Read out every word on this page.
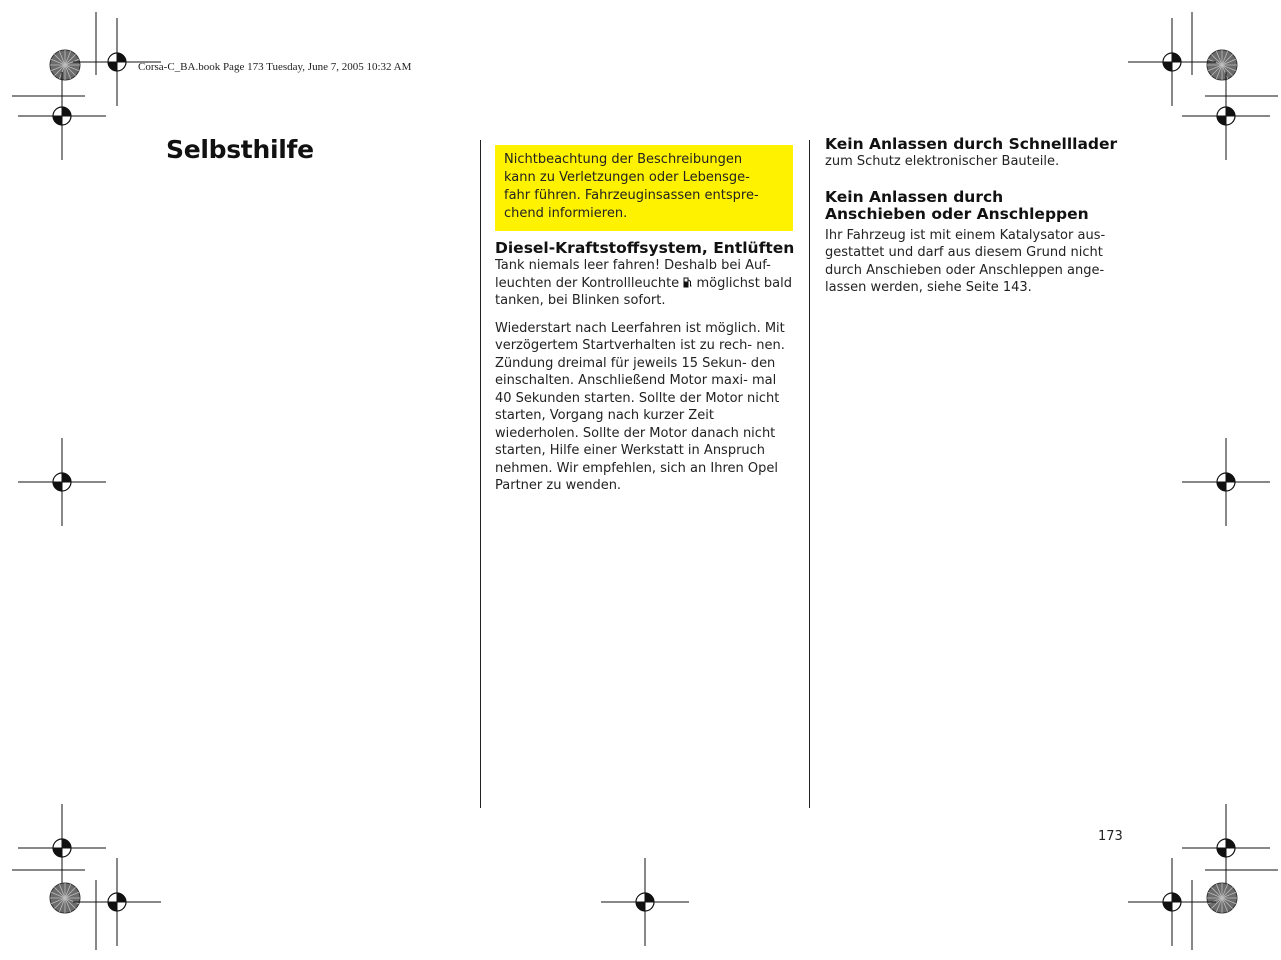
Corsa-C_BA.book Page 173 Tuesday, June 7, 2005 10:32 AM
Selbsthilfe	Nichtbeachtung der Beschreibungen

kann zu Verletzungen oder Lebensge-

fahr führen. Fahrzeuginsassen entspre-

chend informieren.

Diesel-Kraftstoffsystem, Entlüften

Tank niemals leer fahren! Deshalb bei Auf- leuchten der Kontrollleuchte möglichst bald tanken, bei Blinken sofort.

Wiederstart nach Leerfahren ist möglich. Mit verzögertem Startverhalten ist zu rech- nen. Zündung dreimal für jeweils 15 Sekun- den einschalten. Anschließend Motor maxi- mal 40 Sekunden starten. Sollte der Motor nicht starten, Vorgang nach kurzer Zeit wiederholen. Sollte der Motor danach nicht starten, Hilfe einer Werkstatt in Anspruch nehmen. Wir empfehlen, sich an Ihren Opel Partner zu wenden.

Kein Anlassen durch Schnelllader

zum Schutz elektronischer Bauteile.

Kein Anlassen durch
Anschieben oder Anschleppen

Ihr Fahrzeug ist mit einem Katalysator aus- gestattet und darf aus diesem Grund nicht durch Anschieben oder Anschleppen ange- lassen werden, siehe Seite 143.

173
